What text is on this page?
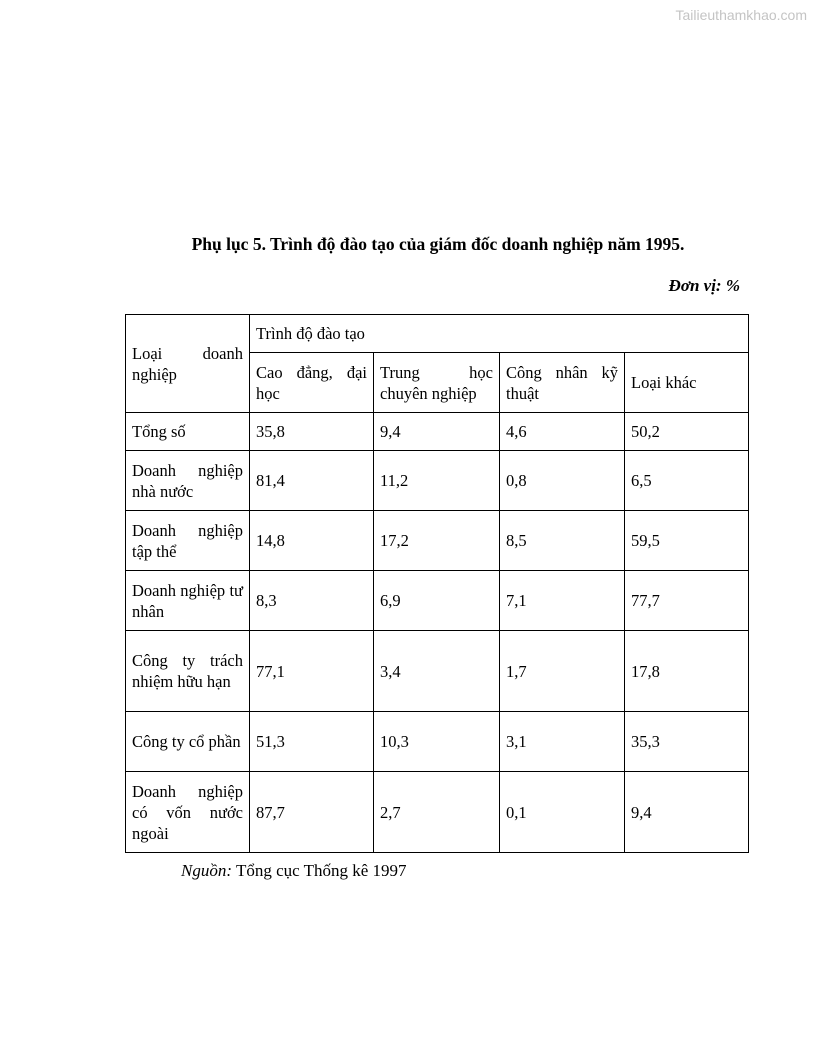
Tailieuthamkhao.com
Phụ lục 5. Trình độ đào tạo của giám đốc doanh nghiệp năm 1995.
Đơn vị: %
Loại doanh nghiệp	Trình độ đào tạo			
	Cao đẳng, đại học	Trung học chuyên nghiệp	Công nhân kỹ thuật	Loại khác
Tổng số	35,8	9,4	4,6	50,2
Doanh nghiệp nhà nước	81,4	11,2	0,8	6,5
Doanh nghiệp tập thể	14,8	17,2	8,5	59,5
Doanh nghiệp tư nhân	8,3	6,9	7,1	77,7
Công ty trách nhiệm hữu hạn	77,1	3,4	1,7	17,8
Công ty cổ phần	51,3	10,3	3,1	35,3
Doanh nghiệp có vốn nước ngoài	87,7	2,7	0,1	9,4
Nguồn: Tổng cục Thống kê 1997
